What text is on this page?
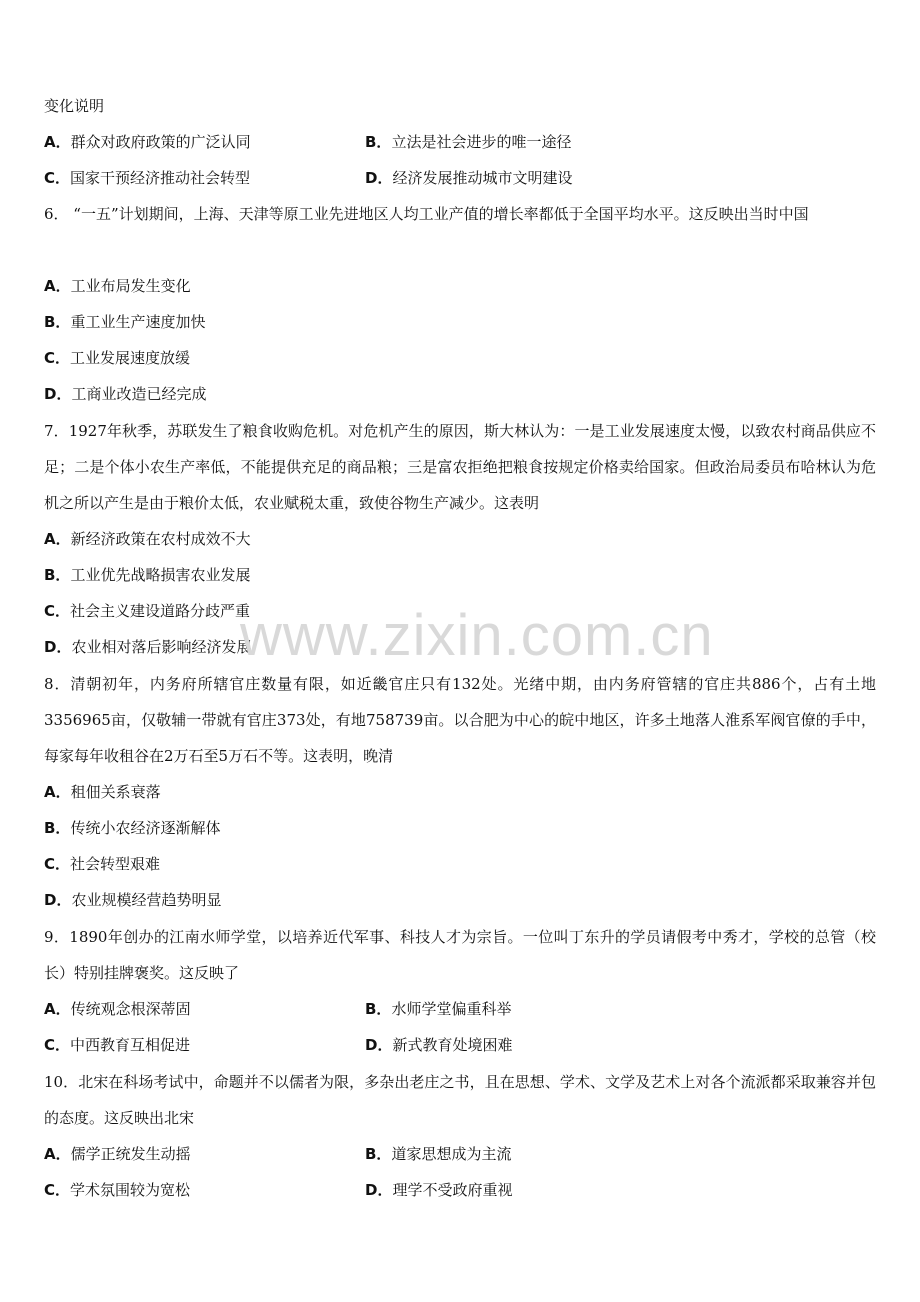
变化说明
A．群众对政府政策的广泛认同	B．立法是社会进步的唯一途径
C．国家干预经济推动社会转型	D．经济发展推动城市文明建设
6． “一五”计划期间，上海、天津等原工业先进地区人均工业产值的增长率都低于全国平均水平。这反映出当时中国
A．工业布局发生变化
B．重工业生产速度加快
C．工业发展速度放缓
D．工商业改造已经完成
7．1927年秋季，苏联发生了粮食收购危机。对危机产生的原因，斯大林认为：一是工业发展速度太慢，以致农村商品供应不足；二是个体小农生产率低，不能提供充足的商品粮；三是富农拒绝把粮食按规定价格卖给国家。但政治局委员布哈林认为危机之所以产生是由于粮价太低，农业赋税太重，致使谷物生产减少。这表明
A．新经济政策在农村成效不大
B．工业优先战略损害农业发展
C．社会主义建设道路分歧严重
D．农业相对落后影响经济发展
8．清朝初年，内务府所辖官庄数量有限，如近畿官庄只有132处。光绪中期，由内务府管辖的官庄共886个，占有土地3356965亩，仅敬辅一带就有官庄373处，有地758739亩。以合肥为中心的皖中地区，许多土地落人淮系军阀官僚的手中，每家每年收租谷在2万石至5万石不等。这表明，晚清
A．租佃关系衰落
B．传统小农经济逐渐解体
C．社会转型艰难
D．农业规模经营趋势明显
9．1890年创办的江南水师学堂，以培养近代军事、科技人才为宗旨。一位叫丁东升的学员请假考中秀才，学校的总管（校长）特别挂牌褒奖。这反映了
A．传统观念根深蒂固	B．水师学堂偏重科举
C．中西教育互相促进	D．新式教育处境困难
10．北宋在科场考试中，命题并不以儒者为限，多杂出老庄之书，且在思想、学术、文学及艺术上对各个流派都采取兼容并包的态度。这反映出北宋
A．儒学正统发生动摇	B．道家思想成为主流
C．学术氛围较为宽松	D．理学不受政府重视
www.zixin.com.cn
